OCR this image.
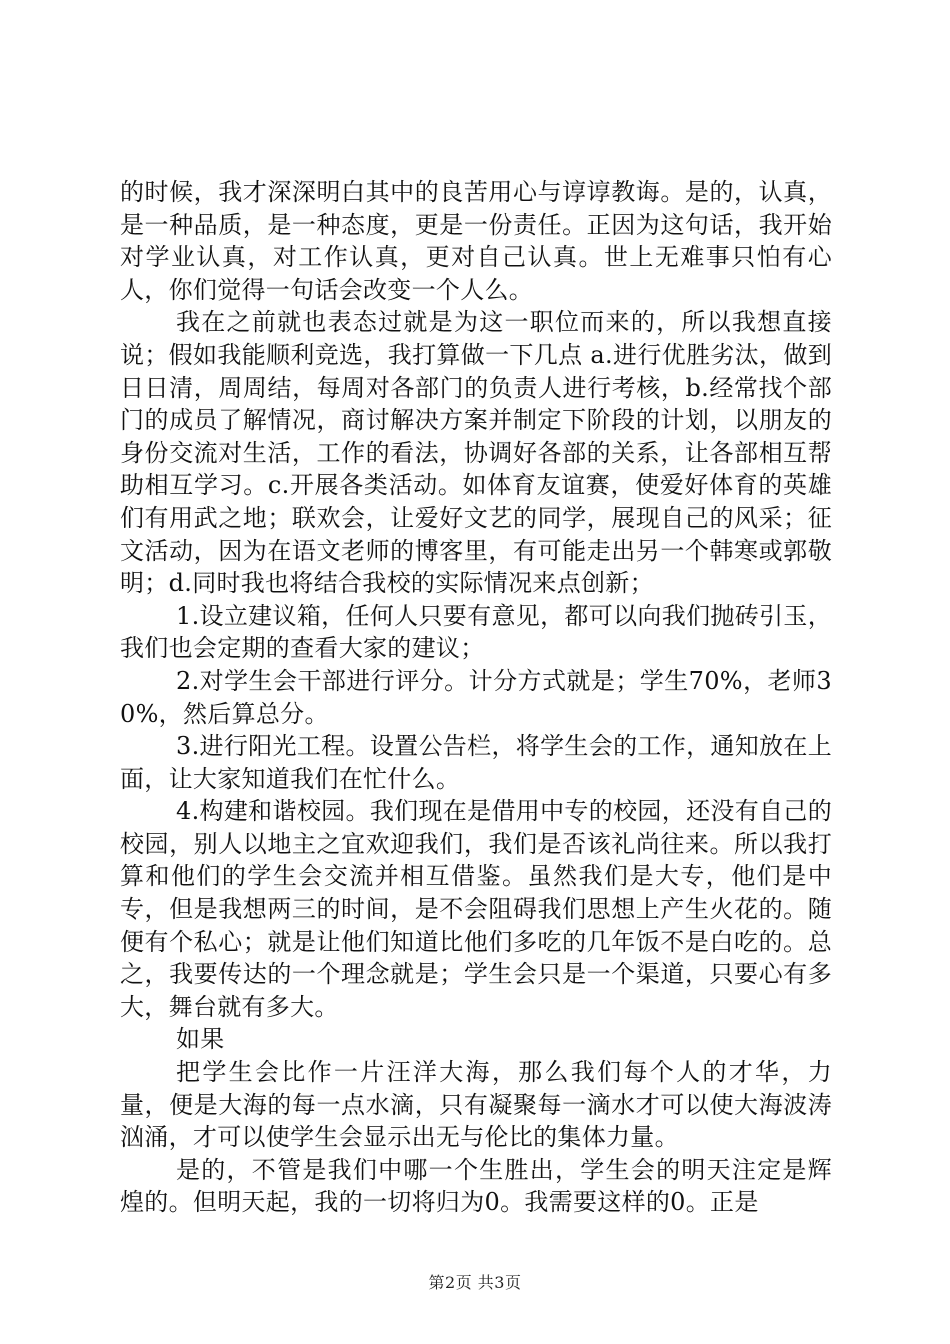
的时候，我才深深明白其中的良苦用心与谆谆教诲。是的，认真，是一种品质，是一种态度，更是一份责任。正因为这句话，我开始对学业认真，对工作认真，更对自己认真。世上无难事只怕有心人，你们觉得一句话会改变一个人么。

我在之前就也表态过就是为这一职位而来的，所以我想直接说；假如我能顺利竞选，我打算做一下几点 a.进行优胜劣汰，做到日日清，周周结，每周对各部门的负责人进行考核，b.经常找个部门的成员了解情况，商讨解决方案并制定下阶段的计划，以朋友的身份交流对生活，工作的看法，协调好各部的关系，让各部相互帮助相互学习。c.开展各类活动。如体育友谊赛，使爱好体育的英雄们有用武之地；联欢会，让爱好文艺的同学，展现自己的风采；征文活动，因为在语文老师的博客里，有可能走出另一个韩寒或郭敬明；d.同时我也将结合我校的实际情况来点创新；

1.设立建议箱，任何人只要有意见，都可以向我们抛砖引玉，我们也会定期的查看大家的建议；

2.对学生会干部进行评分。计分方式就是；学生70%，老师30%，然后算总分。

3.进行阳光工程。设置公告栏，将学生会的工作，通知放在上面，让大家知道我们在忙什么。

4.构建和谐校园。我们现在是借用中专的校园，还没有自己的校园，别人以地主之宜欢迎我们，我们是否该礼尚往来。所以我打算和他们的学生会交流并相互借鉴。虽然我们是大专，他们是中专，但是我想两三的时间，是不会阻碍我们思想上产生火花的。随便有个私心；就是让他们知道比他们多吃的几年饭不是白吃的。总之，我要传达的一个理念就是；学生会只是一个渠道，只要心有多大，舞台就有多大。

如果

把学生会比作一片汪洋大海，那么我们每个人的才华，力量，便是大海的每一点水滴，只有凝聚每一滴水才可以使大海波涛汹涌，才可以使学生会显示出无与伦比的集体力量。

是的，不管是我们中哪一个生胜出，学生会的明天注定是辉煌的。但明天起，我的一切将归为0。我需要这样的0。正是

第2页 共3页
